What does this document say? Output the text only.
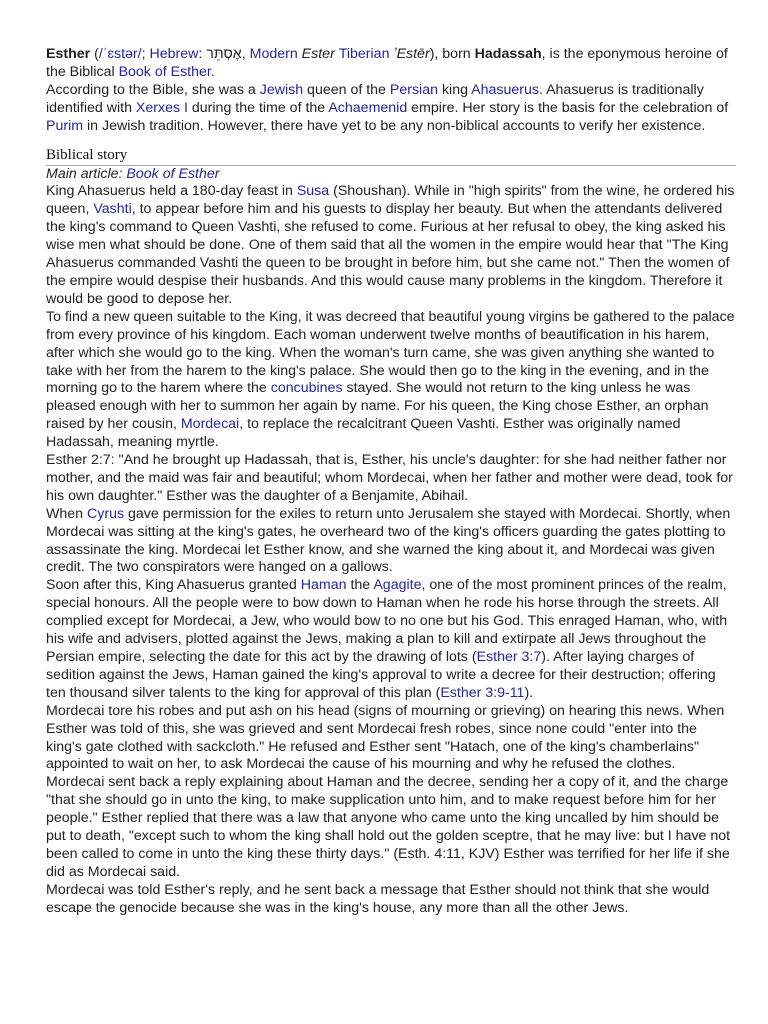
Esther (/ˈɛstər/; Hebrew: אֶסְתֵּר, Modern Ester Tiberian ʼEstēr), born Hadassah, is the eponymous heroine of the Biblical Book of Esther.

According to the Bible, she was a Jewish queen of the Persian king Ahasuerus. Ahasuerus is traditionally identified with Xerxes I during the time of the Achaemenid empire. Her story is the basis for the celebration of Purim in Jewish tradition. However, there have yet to be any non-biblical accounts to verify her existence.

Biblical story

Main article: Book of Esther

King Ahasuerus held a 180-day feast in Susa (Shoushan). While in "high spirits" from the wine, he ordered his queen, Vashti, to appear before him and his guests to display her beauty. But when the attendants delivered the king's command to Queen Vashti, she refused to come. Furious at her refusal to obey, the king asked his wise men what should be done. One of them said that all the women in the empire would hear that "The King Ahasuerus commanded Vashti the queen to be brought in before him, but she came not." Then the women of the empire would despise their husbands. And this would cause many problems in the kingdom. Therefore it would be good to depose her.

To find a new queen suitable to the King, it was decreed that beautiful young virgins be gathered to the palace from every province of his kingdom. Each woman underwent twelve months of beautification in his harem, after which she would go to the king. When the woman's turn came, she was given anything she wanted to take with her from the harem to the king's palace. She would then go to the king in the evening, and in the morning go to the harem where the concubines stayed. She would not return to the king unless he was pleased enough with her to summon her again by name. For his queen, the King chose Esther, an orphan raised by her cousin, Mordecai, to replace the recalcitrant Queen Vashti. Esther was originally named Hadassah, meaning myrtle.

Esther 2:7: "And he brought up Hadassah, that is, Esther, his uncle's daughter: for she had neither father nor mother, and the maid was fair and beautiful; whom Mordecai, when her father and mother were dead, took for his own daughter." Esther was the daughter of a Benjamite, Abihail.

When Cyrus gave permission for the exiles to return unto Jerusalem she stayed with Mordecai. Shortly, when Mordecai was sitting at the king's gates, he overheard two of the king's officers guarding the gates plotting to assassinate the king. Mordecai let Esther know, and she warned the king about it, and Mordecai was given credit. The two conspirators were hanged on a gallows.

Soon after this, King Ahasuerus granted Haman the Agagite, one of the most prominent princes of the realm, special honours. All the people were to bow down to Haman when he rode his horse through the streets. All complied except for Mordecai, a Jew, who would bow to no one but his God. This enraged Haman, who, with his wife and advisers, plotted against the Jews, making a plan to kill and extirpate all Jews throughout the Persian empire, selecting the date for this act by the drawing of lots (Esther 3:7). After laying charges of sedition against the Jews, Haman gained the king's approval to write a decree for their destruction; offering ten thousand silver talents to the king for approval of this plan (Esther 3:9-11).

Mordecai tore his robes and put ash on his head (signs of mourning or grieving) on hearing this news. When Esther was told of this, she was grieved and sent Mordecai fresh robes, since none could "enter into the king's gate clothed with sackcloth." He refused and Esther sent "Hatach, one of the king's chamberlains" appointed to wait on her, to ask Mordecai the cause of his mourning and why he refused the clothes. Mordecai sent back a reply explaining about Haman and the decree, sending her a copy of it, and the charge "that she should go in unto the king, to make supplication unto him, and to make request before him for her people." Esther replied that there was a law that anyone who came unto the king uncalled by him should be put to death, "except such to whom the king shall hold out the golden sceptre, that he may live: but I have not been called to come in unto the king these thirty days." (Esth. 4:11, KJV) Esther was terrified for her life if she did as Mordecai said.

Mordecai was told Esther's reply, and he sent back a message that Esther should not think that she would escape the genocide because she was in the king's house, any more than all the other Jews.
